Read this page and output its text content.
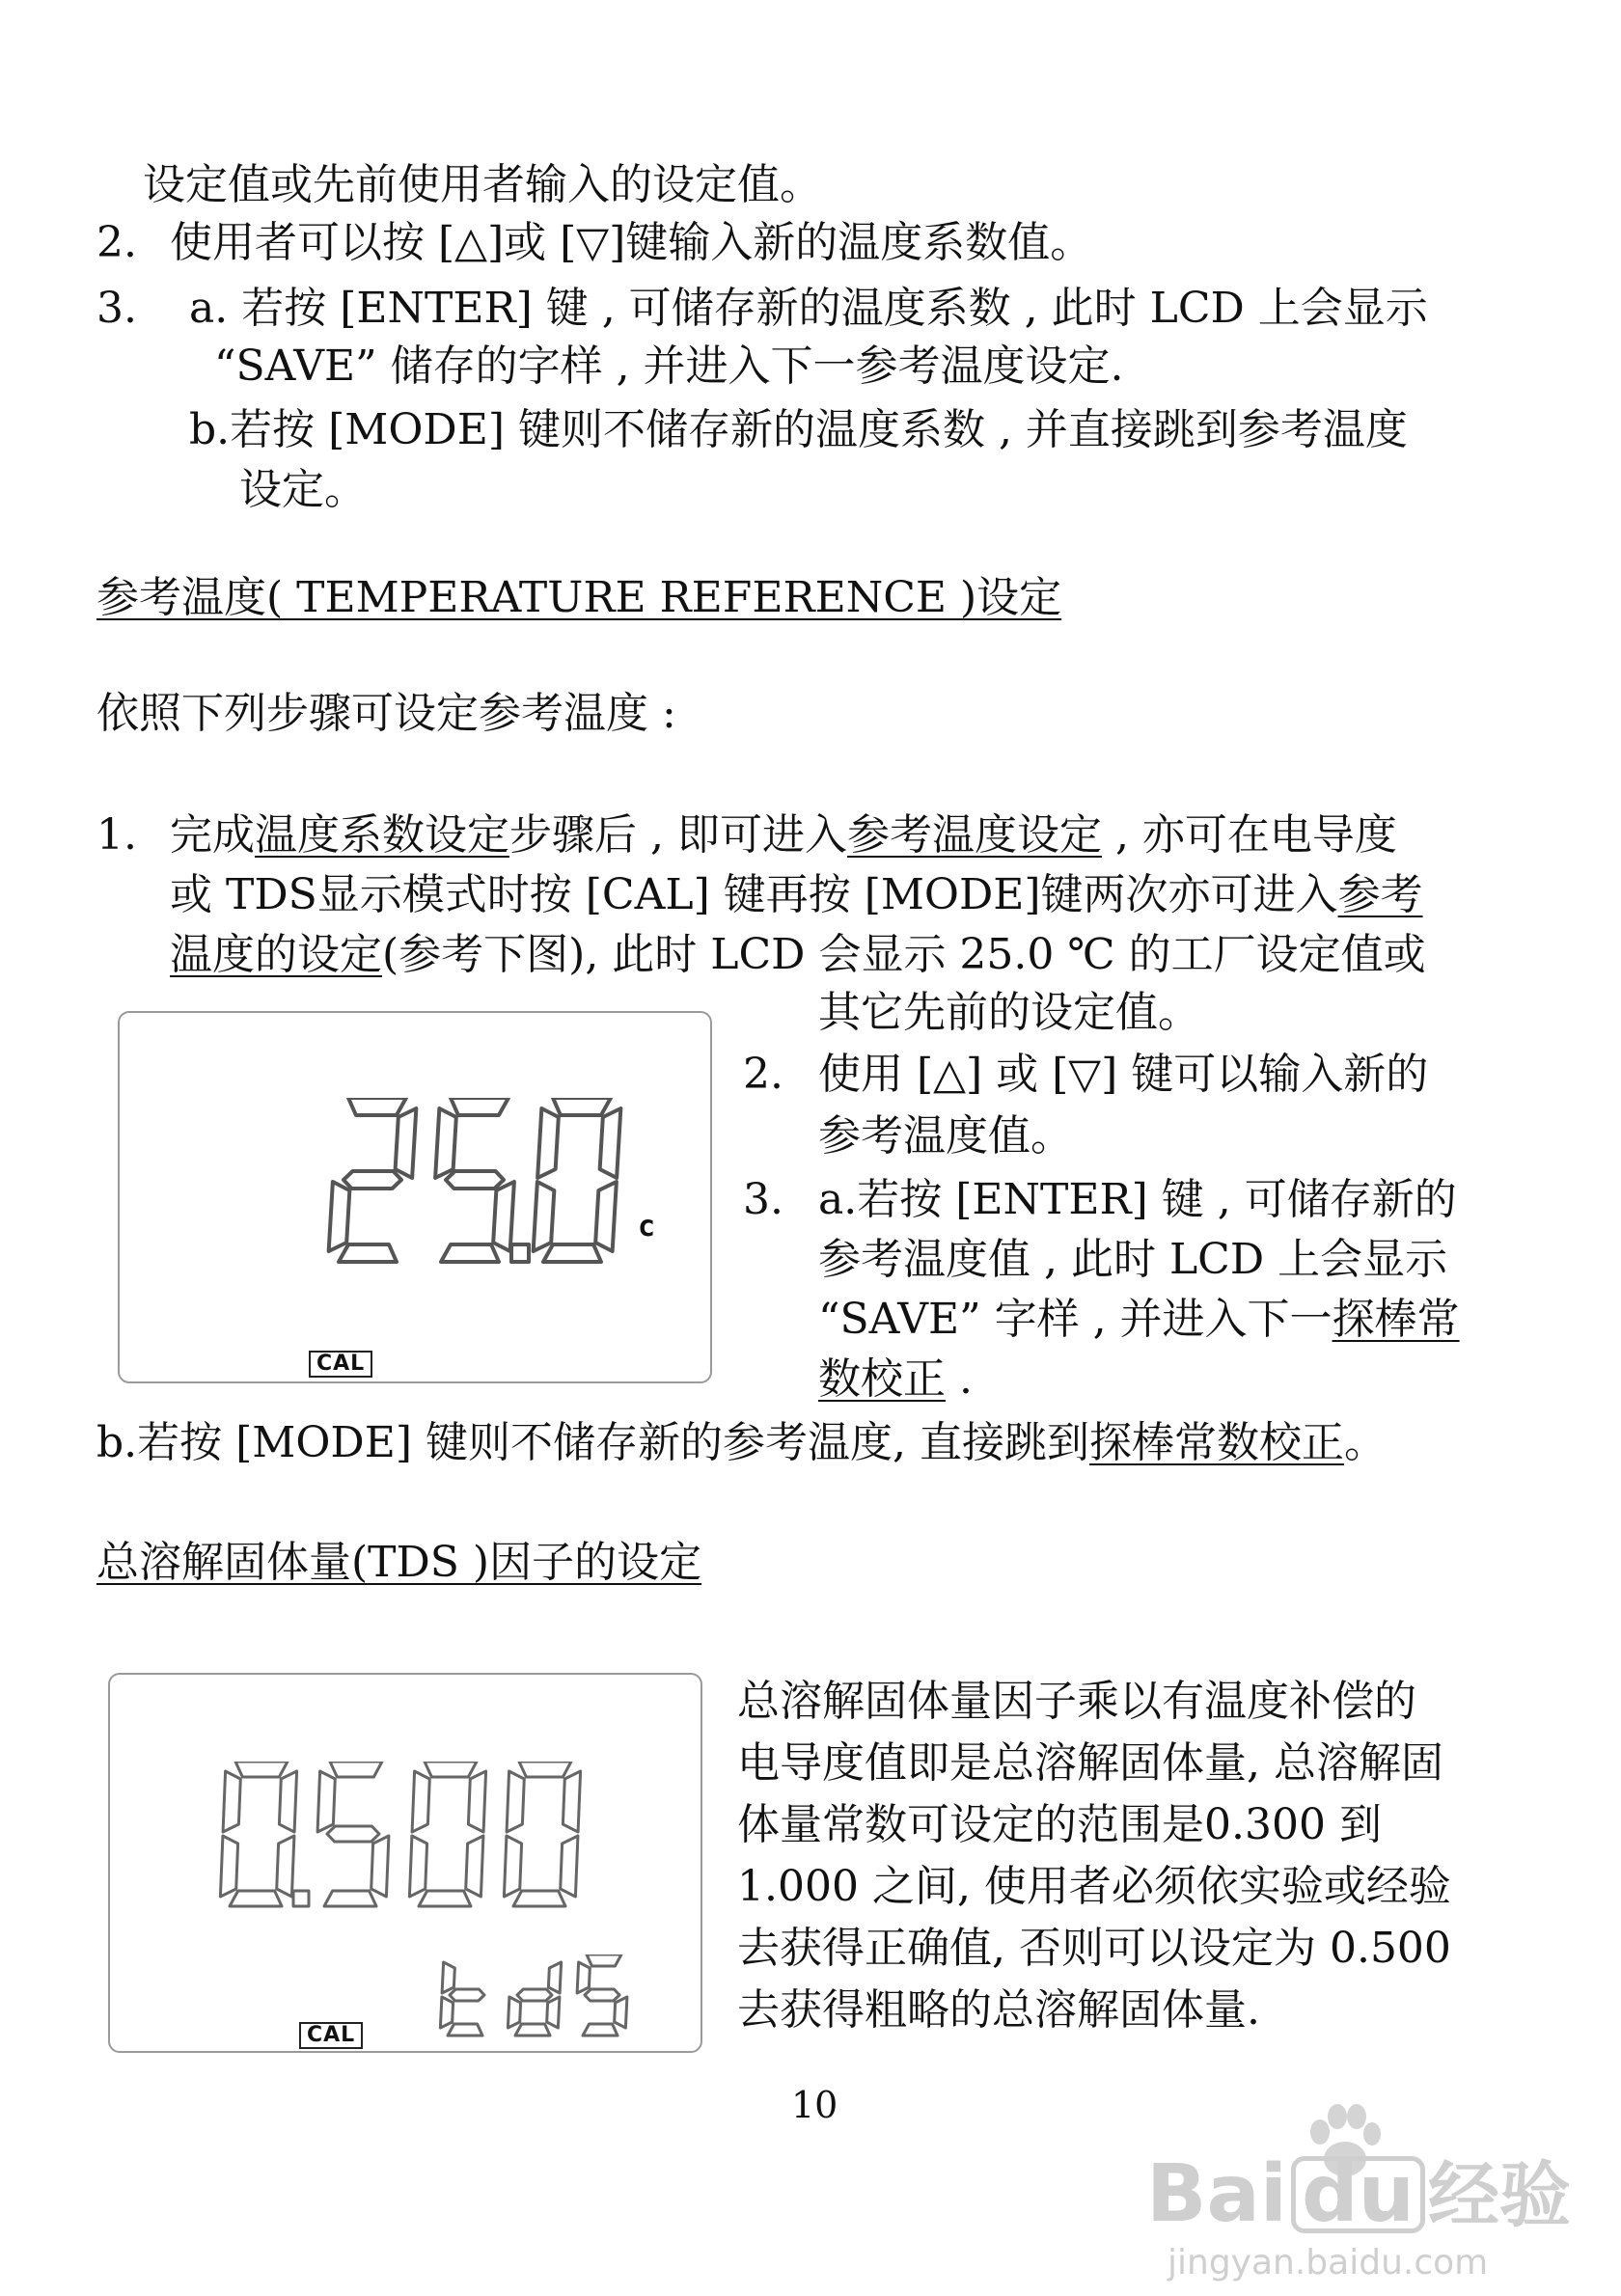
设定值或先前使用者输入的设定值。
2. 使用者可以按 [△]或 [▽]键输入新的温度系数值。
3. a. 若按 [ENTER] 键 , 可储存新的温度系数 , 此时 LCD 上会显示
“SAVE” 储存的字样 , 并进入下一参考温度设定.
b.若按 [MODE] 键则不储存新的温度系数 , 并直接跳到参考温度
设定。
参考温度( TEMPERATURE REFERENCE )设定
依照下列步骤可设定参考温度 :
1. 完成温度系数设定步骤后 , 即可进入参考温度设定 , 亦可在电导度
或 TDS显示模式时按 [CAL] 键再按 [MODE]键两次亦可进入参考
温度的设定(参考下图), 此时 LCD 会显示 25.0 ℃ 的工厂设定值或
其它先前的设定值。
c
CAL
2. 使用 [△] 或 [▽] 键可以输入新的
参考温度值。
3. a.若按 [ENTER] 键 , 可储存新的
参考温度值 , 此时 LCD 上会显示
“SAVE” 字样 , 并进入下一探棒常
数校正 .
b.若按 [MODE] 键则不储存新的参考温度, 直接跳到探棒常数校正。
总溶解固体量(TDS )因子的设定
CAL
总溶解固体量因子乘以有温度补偿的
电导度值即是总溶解固体量, 总溶解固
体量常数可设定的范围是0.300 到
1.000 之间, 使用者必须依实验或经验
去获得正确值, 否则可以设定为 0.500
去获得粗略的总溶解固体量.
10
Bai du 经验
jingyan.baidu.com
